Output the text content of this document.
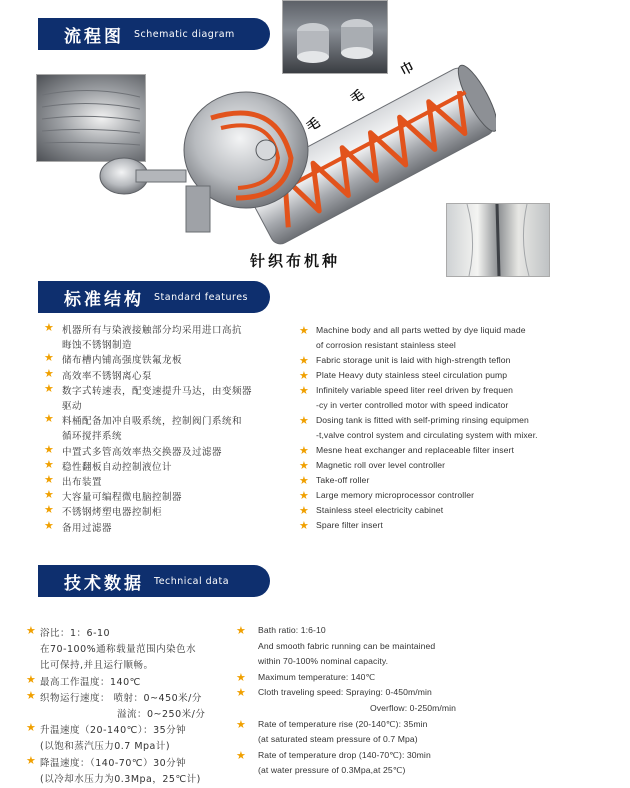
流程图 Schematic diagram
毛
毛
巾
针织布机种
标准结构 Standard features
★ 机器所有与染液接触部分均采用进口高抗
晦蚀不锈钢制造
★ 储布槽内铺高强度铁氟龙板
★ 高效率不锈钢离心泵
★ 数字式转速表，配变速提升马达，由变频器
驱动
★ 料桶配备加冲自吸系统，控制阀门系统和
循环搅拌系统
★ 中置式多管高效率热交换器及过滤器
★ 稳性翻板自动控制液位计
★ 出布装置
★ 大容量可编程微电脑控制器
★ 不锈钢烤塑电器控制柜
★ 备用过滤器
★ Machine body and all parts wetted by dye liquid made
of corrosion resistant stainless steel
★ Fabric storage unit is laid with high-strength teflon
★ Plate Heavy duty stainless steel circulation pump
★ Infinitely variable speed liter reel driven by frequen
-cy in verter controlled motor with speed indicator
★ Dosing tank is fitted with self-priming rinsing equipmen
-t,valve control system and circulating system with mixer.
★ Mesne heat exchanger and replaceable filter insert
★ Magnetic roll over level controller
★ Take-off roller
★ Large memory microprocessor controller
★ Stainless steel electricity cabinet
★ Spare filter insert
技术数据 Technical data
★ 浴比：1：6-10
在70-100%通称载量范围内染色水
比可保持,并且运行顺畅。
★ 最高工作温度：140℃
★ 织物运行速度： 喷射：0~450米/分
溢流：0~250米/分
★ 升温速度（20-140℃）：35分钟
(以饱和蒸汽压力0.7 Mpa计)
★ 降温速度：（140-70℃）30分钟
(以冷却水压力为0.3Mpa，25℃计)
★ Bath ratio: 1:6-10
And smooth fabric running can be maintained
within 70-100% nominal capacity.
★ Maximum temperature: 140℃
★ Cloth traveling speed: Spraying: 0-450m/min
Overflow: 0-250m/min
★ Rate of temperature rise (20-140℃): 35min
(at saturated steam pressure of 0.7 Mpa)
★ Rate of temperature drop (140-70℃): 30min
(at water pressure of 0.3Mpa,at 25℃)
